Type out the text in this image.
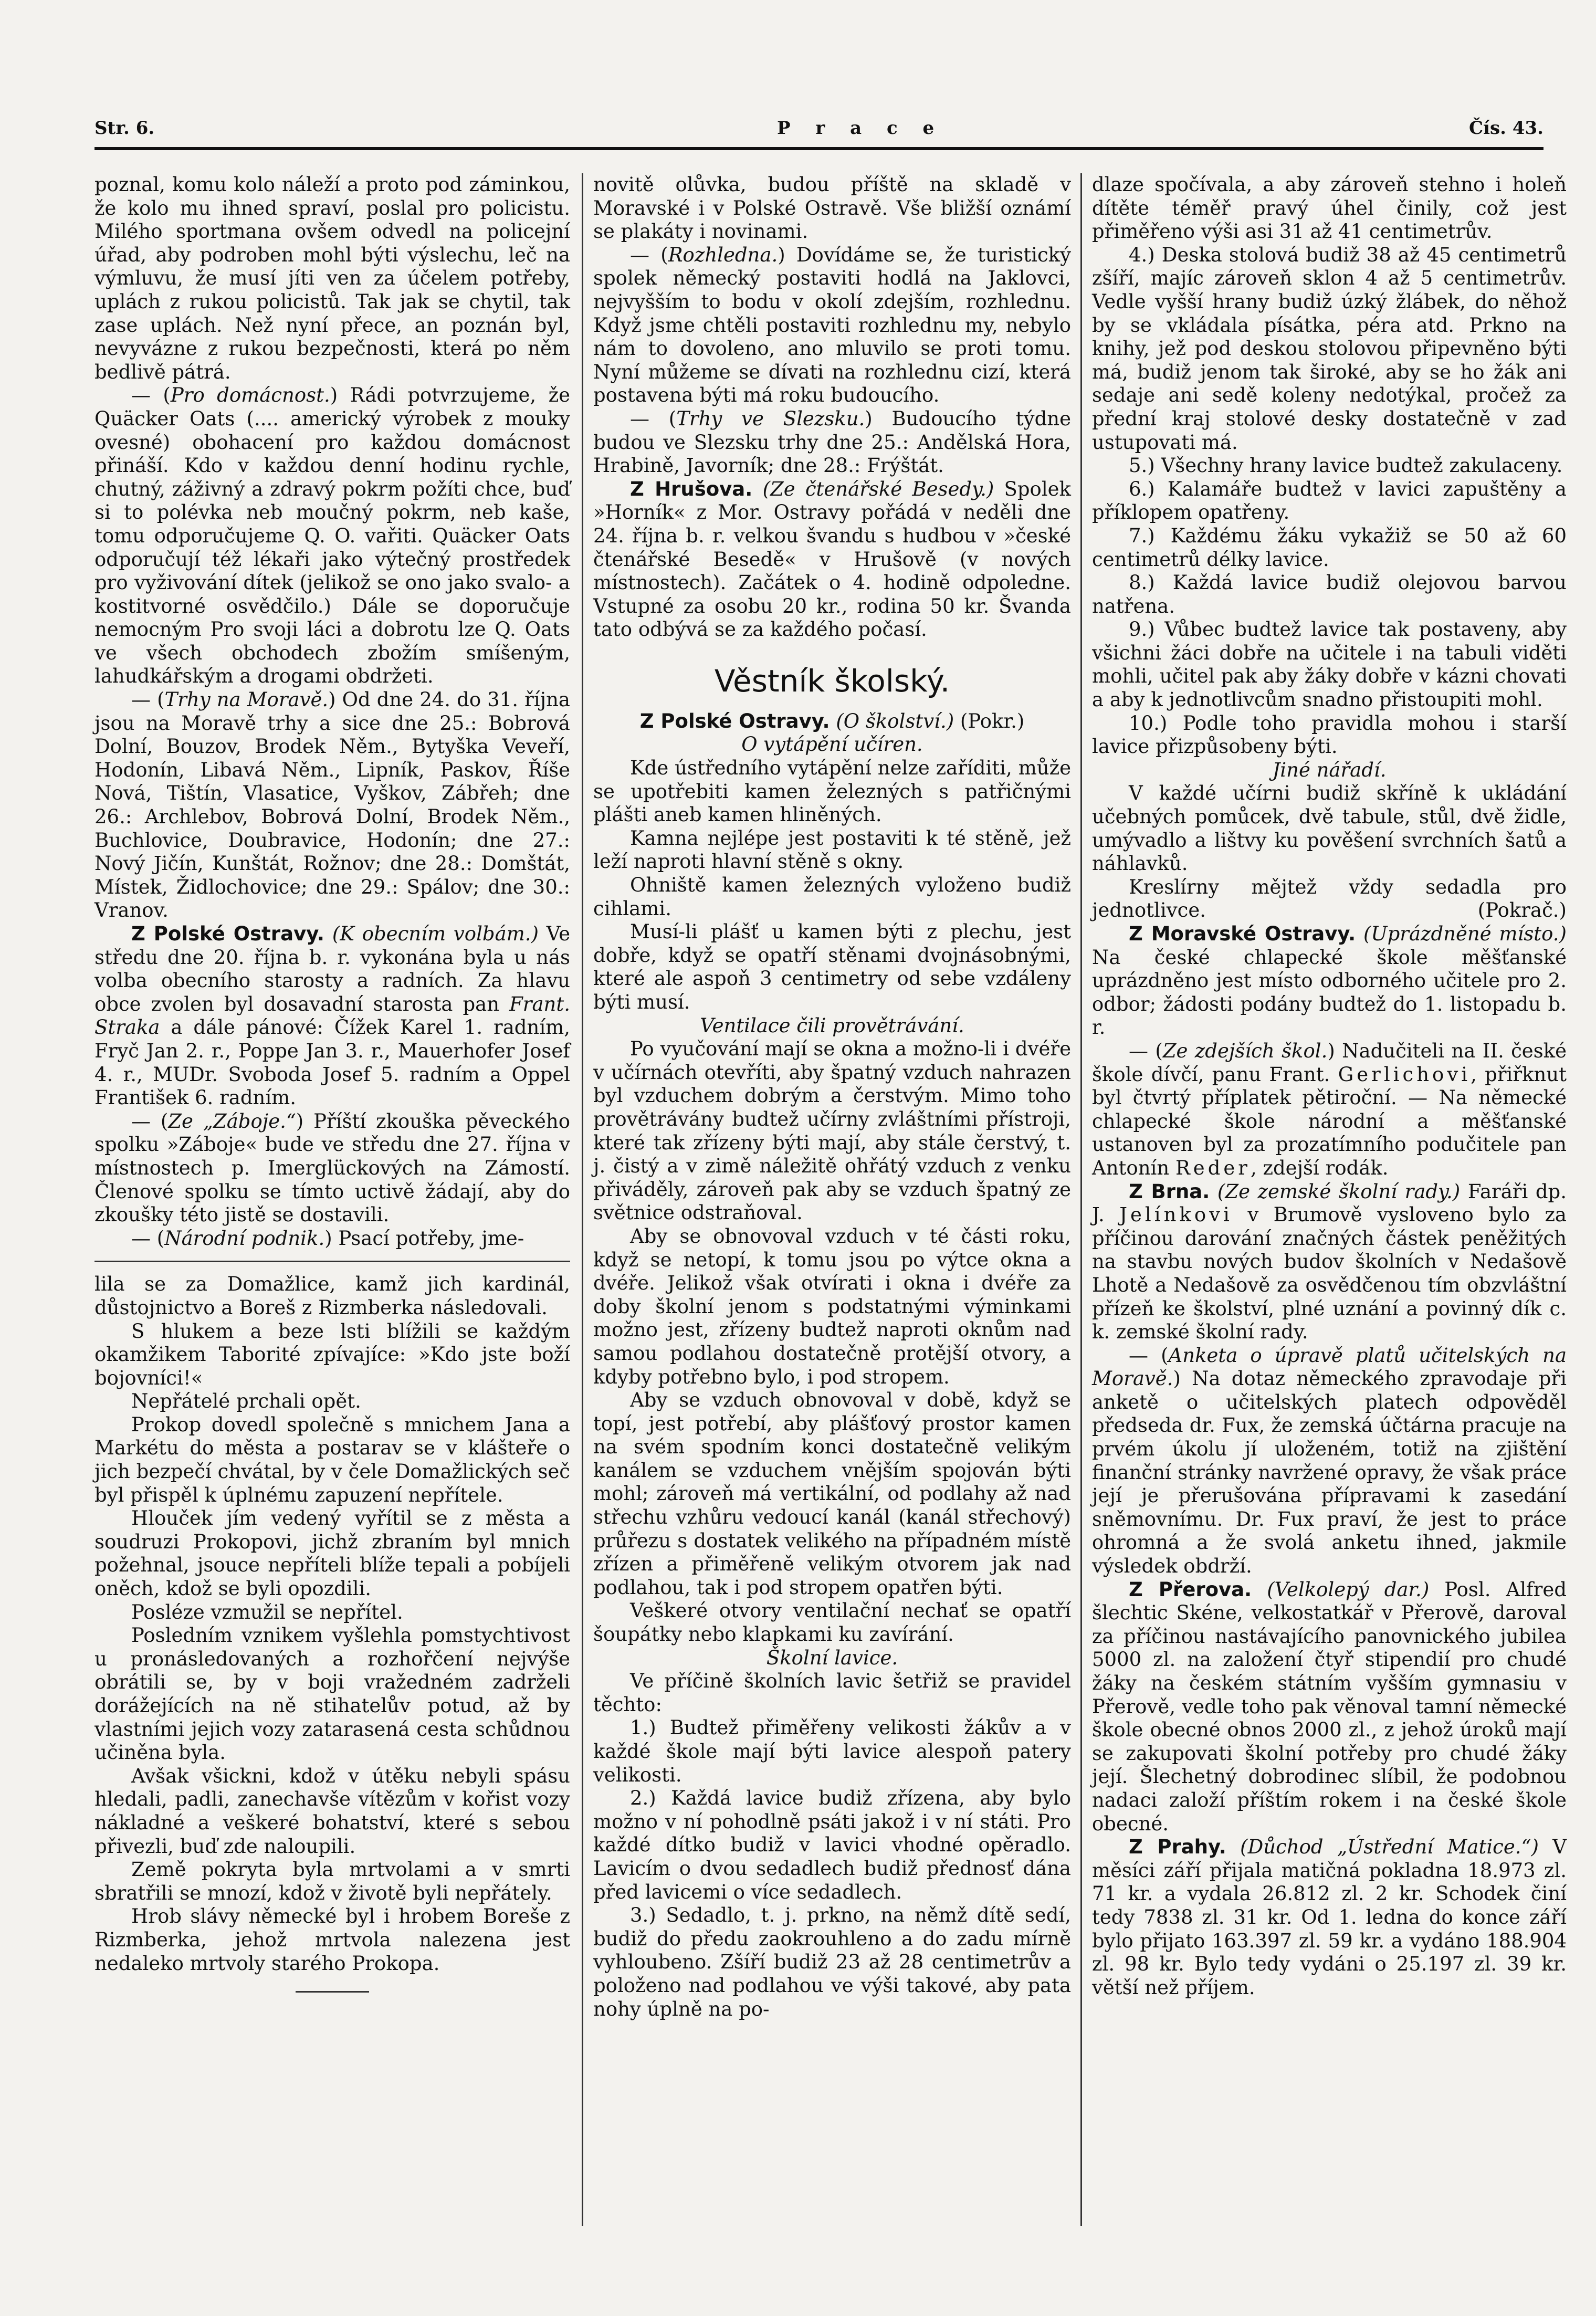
Str. 6.	P r a c e	Čís. 43.

poznal, komu kolo náleží a proto pod záminkou, že kolo mu ihned spraví, poslal pro policistu. Milého sportmana ovšem odvedl na policejní úřad, aby podroben mohl býti výslechu, leč na výmluvu, že musí jíti ven za účelem potřeby, uplách z rukou policistů. Tak jak se chytil, tak zase uplách. Než nyní přece, an poznán byl, nevyvázne z rukou bezpečnosti, která po něm bedlivě pátrá.

— (Pro domácnost.) Rádi potvrzujeme, že Quäcker Oats (.... americký výrobek z mouky ovesné) obohacení pro každou domácnost přináší. Kdo v každou denní hodinu rychle, chutný, záživný a zdravý pokrm požíti chce, buď si to polévka neb moučný pokrm, neb kaše, tomu odporučujeme Q. O. vařiti. Quäcker Oats odporučují též lékaři jako výtečný prostředek pro vyživování dítek (jelikož se ono jako svalo- a kostitvorné osvědčilo.) Dále se doporučuje nemocným Pro svoji láci a dobrotu lze Q. Oats ve všech obchodech zbožím smíšeným, lahudkářským a drogami obdržeti.

— (Trhy na Moravě.) Od dne 24. do 31. října jsou na Moravě trhy a sice dne 25.: Bobrová Dolní, Bouzov, Brodek Něm., Bytyška Veveří, Hodonín, Libavá Něm., Lipník, Paskov, Říše Nová, Tištín, Vlasatice, Vyškov, Zábřeh; dne 26.: Archlebov, Bobrová Dolní, Brodek Něm., Buchlovice, Doubravice, Hodonín; dne 27.: Nový Jičín, Kunštát, Rožnov; dne 28.: Domštát, Místek, Židlochovice; dne 29.: Spálov; dne 30.: Vranov.

Z Polské Ostravy. (K obecním volbám.) Ve středu dne 20. října b. r. vykonána byla u nás volba obecního starosty a radních. Za hlavu obce zvolen byl dosavadní starosta pan Frant. Straka a dále pánové: Čížek Karel 1. radním, Fryč Jan 2. r., Poppe Jan 3. r., Mauerhofer Josef 4. r., MUDr. Svoboda Josef 5. radním a Oppel František 6. radním.

— (Ze „Záboje.“) Příští zkouška pěveckého spolku »Záboje« bude ve středu dne 27. října v místnostech p. Imerglückových na Zámostí. Členové spolku se tímto uctivě žádají, aby do zkoušky této jistě se dostavili.

— (Národní podnik.) Psací potřeby, jme-

lila se za Domažlice, kamž jich kardinál, důstojnictvo a Boreš z Rizmberka následovali.

S hlukem a beze lsti blížili se každým okamžikem Taborité zpívajíce: »Kdo jste boží bojovníci!«

Nepřátelé prchali opět.

Prokop dovedl společně s mnichem Jana a Markétu do města a postarav se v klášteře o jich bezpečí chvátal, by v čele Domažlických seč byl přispěl k úplnému zapuzení nepřítele.

Hlouček jím vedený vyřítil se z města a soudruzi Prokopovi, jichž zbraním byl mnich požehnal, jsouce nepříteli blíže tepali a pobíjeli oněch, kdož se byli opozdili.

Posléze vzmužil se nepřítel.

Posledním vznikem vyšlehla pomstychtivost u pronásledovaných a rozhořčení nejvýše obrátili se, by v boji vražedném zadrželi dorážejících na ně stihatelův potud, až by vlastními jejich vozy zatarasená cesta schůdnou učiněna byla.

Avšak všickni, kdož v útěku nebyli spásu hledali, padli, zanechavše vítězům v kořist vozy nákladné a veškeré bohatství, které s sebou přivezli, buď zde naloupili.

Země pokryta byla mrtvolami a v smrti sbratřili se mnozí, kdož v životě byli nepřátely.

Hrob slávy německé byl i hrobem Boreše z Rizmberka, jehož mrtvola nalezena jest nedaleko mrtvoly starého Prokopa.

novitě olůvka, budou příště na skladě v Moravské i v Polské Ostravě. Vše bližší oznámí se plakáty i novinami.

— (Rozhledna.) Dovídáme se, že turistický spolek německý postaviti hodlá na Jaklovci, nejvyšším to bodu v okolí zdejším, rozhlednu. Když jsme chtěli postaviti rozhlednu my, nebylo nám to dovoleno, ano mluvilo se proti tomu. Nyní můžeme se dívati na rozhlednu cizí, která postavena býti má roku budoucího.

— (Trhy ve Slezsku.) Budoucího týdne budou ve Slezsku trhy dne 25.: Andělská Hora, Hrabině, Javorník; dne 28.: Frýštát.

Z Hrušova. (Ze čtenářské Besedy.) Spolek »Horník« z Mor. Ostravy pořádá v neděli dne 24. října b. r. velkou švandu s hudbou v »české čtenářské Besedě« v Hrušově (v nových místnostech). Začátek o 4. hodině odpoledne. Vstupné za osobu 20 kr., rodina 50 kr. Švanda tato odbývá se za každého počasí.

Věstník školský.

Z Polské Ostravy. (O školství.) (Pokr.)

O vytápění učíren.

Kde ústředního vytápění nelze zaříditi, může se upotřebiti kamen železných s patřičnými plášti aneb kamen hliněných.

Kamna nejlépe jest postaviti k té stěně, jež leží naproti hlavní stěně s okny.

Ohniště kamen železných vyloženo budiž cihlami.

Musí-li plášť u kamen býti z plechu, jest dobře, když se opatří stěnami dvojnásobnými, které ale aspoň 3 centimetry od sebe vzdáleny býti musí.

Ventilace čili provětrávání.

Po vyučování mají se okna a možno-li i dvéře v učírnách otevříti, aby špatný vzduch nahrazen byl vzduchem dobrým a čerstvým. Mimo toho provětrávány budtež učírny zvláštními přístroji, které tak zřízeny býti mají, aby stále čerstvý, t. j. čistý a v zimě náležitě ohřátý vzduch z venku přiváděly, zároveň pak aby se vzduch špatný ze světnice odstraňoval.

Aby se obnovoval vzduch v té části roku, když se netopí, k tomu jsou po výtce okna a dvéře. Jelikož však otvírati i okna i dvéře za doby školní jenom s podstatnými výminkami možno jest, zřízeny budtež naproti oknům nad samou podlahou dostatečně protější otvory, a kdyby potřebno bylo, i pod stropem.

Aby se vzduch obnovoval v době, když se topí, jest potřebí, aby plášťový prostor kamen na svém spodním konci dostatečně velikým kanálem se vzduchem vnějším spojován býti mohl; zároveň má vertikální, od podlahy až nad střechu vzhůru vedoucí kanál (kanál střechový) průřezu s dostatek velikého na případném místě zřízen a přiměřeně velikým otvorem jak nad podlahou, tak i pod stropem opatřen býti.

Veškeré otvory ventilační nechať se opatří šoupátky nebo klapkami ku zavírání.

Školní lavice.

Ve příčině školních lavic šetřiž se pravidel těchto:

1.) Budtež přiměřeny velikosti žákův a v každé škole mají býti lavice alespoň patery velikosti.

2.) Každá lavice budiž zřízena, aby bylo možno v ní pohodlně psáti jakož i v ní státi. Pro každé dítko budiž v lavici vhodné opěradlo. Lavicím o dvou sedadlech budiž přednosť dána před lavicemi o více sedadlech.

3.) Sedadlo, t. j. prkno, na němž dítě sedí, budiž do předu zaokrouhleno a do zadu mírně vyhloubeno. Zšíří budiž 23 až 28 centimetrův a položeno nad podlahou ve výši takové, aby pata nohy úplně na po-

dlaze spočívala, a aby zároveň stehno i holeň dítěte téměř pravý úhel činily, což jest přiměřeno výši asi 31 až 41 centimetrův.

4.) Deska stolová budiž 38 až 45 centimetrů zšíří, majíc zároveň sklon 4 až 5 centimetrův. Vedle vyšší hrany budiž úzký žlábek, do něhož by se vkládala písátka, péra atd. Prkno na knihy, jež pod deskou stolovou připevněno býti má, budiž jenom tak široké, aby se ho žák ani sedaje ani sedě koleny nedotýkal, pročež za přední kraj stolové desky dostatečně v zad ustupovati má.

5.) Všechny hrany lavice budtež zakulaceny.

6.) Kalamáře budtež v lavici zapuštěny a příklopem opatřeny.

7.) Každému žáku vykažiž se 50 až 60 centimetrů délky lavice.

8.) Každá lavice budiž olejovou barvou natřena.

9.) Vůbec budtež lavice tak postaveny, aby všichni žáci dobře na učitele i na tabuli viděti mohli, učitel pak aby žáky dobře v kázni chovati a aby k jednotlivcům snadno přistoupiti mohl.

10.) Podle toho pravidla mohou i starší lavice přizpůsobeny býti.

Jiné nářadí.

V každé učírni budiž skříně k ukládání učebných pomůcek, dvě tabule, stůl, dvě židle, umývadlo a lištvy ku pověšení svrchních šatů a náhlavků.

Kreslírny mějtež vždy sedadla pro jednotlivce.	(Pokrač.)

Z Moravské Ostravy. (Uprázdněné místo.) Na české chlapecké škole měšťanské uprázdněno jest místo odborného učitele pro 2. odbor; žádosti podány budtež do 1. listopadu b. r.

— (Ze zdejších škol.) Nadučiteli na II. české škole dívčí, panu Frant. Gerlichovi, přiřknut byl čtvrtý příplatek pětiroční. — Na německé chlapecké škole národní a měšťanské ustanoven byl za prozatímního podučitele pan Antonín Reder, zdejší rodák.

Z Brna. (Ze zemské školní rady.) Faráři dp. J. Jelínkovi v Brumově vysloveno bylo za příčinou darování značných částek peněžitých na stavbu nových budov školních v Nedašově Lhotě a Nedašově za osvědčenou tím obzvláštní přízeň ke školství, plné uznání a povinný dík c. k. zemské školní rady.

— (Anketa o úpravě platů učitelských na Moravě.) Na dotaz německého zpravodaje při anketě o učitelských platech odpověděl předseda dr. Fux, že zemská účtárna pracuje na prvém úkolu jí uloženém, totiž na zjištění finanční stránky navržené opravy, že však práce její je přerušována přípravami k zasedání sněmovnímu. Dr. Fux praví, že jest to práce ohromná a že svolá anketu ihned, jakmile výsledek obdrží.

Z Přerova. (Velkolepý dar.) Posl. Alfred šlechtic Skéne, velkostatkář v Přerově, daroval za příčinou nastávajícího panovnického jubilea 5000 zl. na založení čtyř stipendií pro chudé žáky na českém státním vyšším gymnasiu v Přerově, vedle toho pak věnoval tamní německé škole obecné obnos 2000 zl., z jehož úroků mají se zakupovati školní potřeby pro chudé žáky její. Šlechetný dobrodinec slíbil, že podobnou nadaci založí příštím rokem i na české škole obecné.

Z Prahy. (Důchod „Ústřední Matice.“) V měsíci září přijala matičná pokladna 18.973 zl. 71 kr. a vydala 26.812 zl. 2 kr. Schodek činí tedy 7838 zl. 31 kr. Od 1. ledna do konce září bylo přijato 163.397 zl. 59 kr. a vydáno 188.904 zl. 98 kr. Bylo tedy vydáni o 25.197 zl. 39 kr. větší než příjem.
